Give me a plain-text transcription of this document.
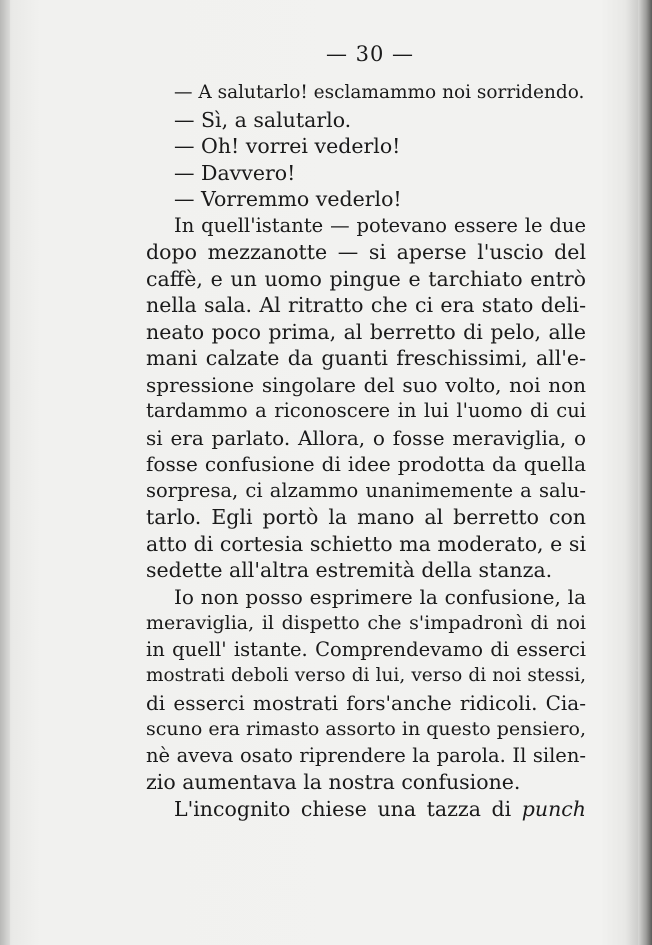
— 30 —
— A salutarlo! esclamammo noi sorridendo.
— Sì, a salutarlo.
— Oh! vorrei vederlo!
— Davvero!
— Vorremmo vederlo!
In quell'istante — potevano essere le due
dopo mezzanotte — si aperse l'uscio del
caffè, e un uomo pingue e tarchiato entrò
nella sala. Al ritratto che ci era stato deli-
neato poco prima, al berretto di pelo, alle
mani calzate da guanti freschissimi, all'e-
spressione singolare del suo volto, noi non
tardammo a riconoscere in lui l'uomo di cui
si era parlato. Allora, o fosse meraviglia, o
fosse confusione di idee prodotta da quella
sorpresa, ci alzammo unanimemente a salu-
tarlo. Egli portò la mano al berretto con
atto di cortesia schietto ma moderato, e si
sedette all'altra estremità della stanza.
Io non posso esprimere la confusione, la
meraviglia, il dispetto che s'impadronì di noi
in quell' istante. Comprendevamo di esserci
mostrati deboli verso di lui, verso di noi stessi,
di esserci mostrati fors'anche ridicoli. Cia-
scuno era rimasto assorto in questo pensiero,
nè aveva osato riprendere la parola. Il silen-
zio aumentava la nostra confusione.
L'incognito chiese una tazza di punch
